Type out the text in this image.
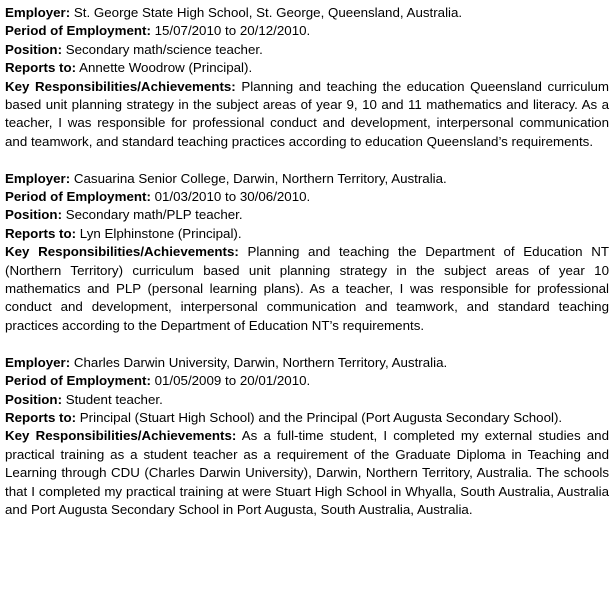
Employer: St. George State High School, St. George, Queensland, Australia.

Period of Employment: 15/07/2010 to 20/12/2010.

Position: Secondary math/science teacher.

Reports to: Annette Woodrow (Principal).

Key Responsibilities/Achievements: Planning and teaching the education Queensland curriculum based unit planning strategy in the subject areas of year 9, 10 and 11 mathematics and literacy. As a teacher, I was responsible for professional conduct and development, interpersonal communication and teamwork, and standard teaching practices according to education Queensland’s requirements.

Employer: Casuarina Senior College, Darwin, Northern Territory, Australia.

Period of Employment: 01/03/2010 to 30/06/2010.

Position: Secondary math/PLP teacher.

Reports to: Lyn Elphinstone (Principal).

Key Responsibilities/Achievements: Planning and teaching the Department of Education NT (Northern Territory) curriculum based unit planning strategy in the subject areas of year 10 mathematics and PLP (personal learning plans). As a teacher, I was responsible for professional conduct and development, interpersonal communication and teamwork, and standard teaching practices according to the Department of Education NT’s requirements.

Employer: Charles Darwin University, Darwin, Northern Territory, Australia.

Period of Employment: 01/05/2009 to 20/01/2010.

Position: Student teacher.

Reports to: Principal (Stuart High School) and the Principal (Port Augusta Secondary School).

Key Responsibilities/Achievements: As a full-time student, I completed my external studies and practical training as a student teacher as a requirement of the Graduate Diploma in Teaching and Learning through CDU (Charles Darwin University), Darwin, Northern Territory, Australia. The schools that I completed my practical training at were Stuart High School in Whyalla, South Australia, Australia and Port Augusta Secondary School in Port Augusta, South Australia, Australia.
